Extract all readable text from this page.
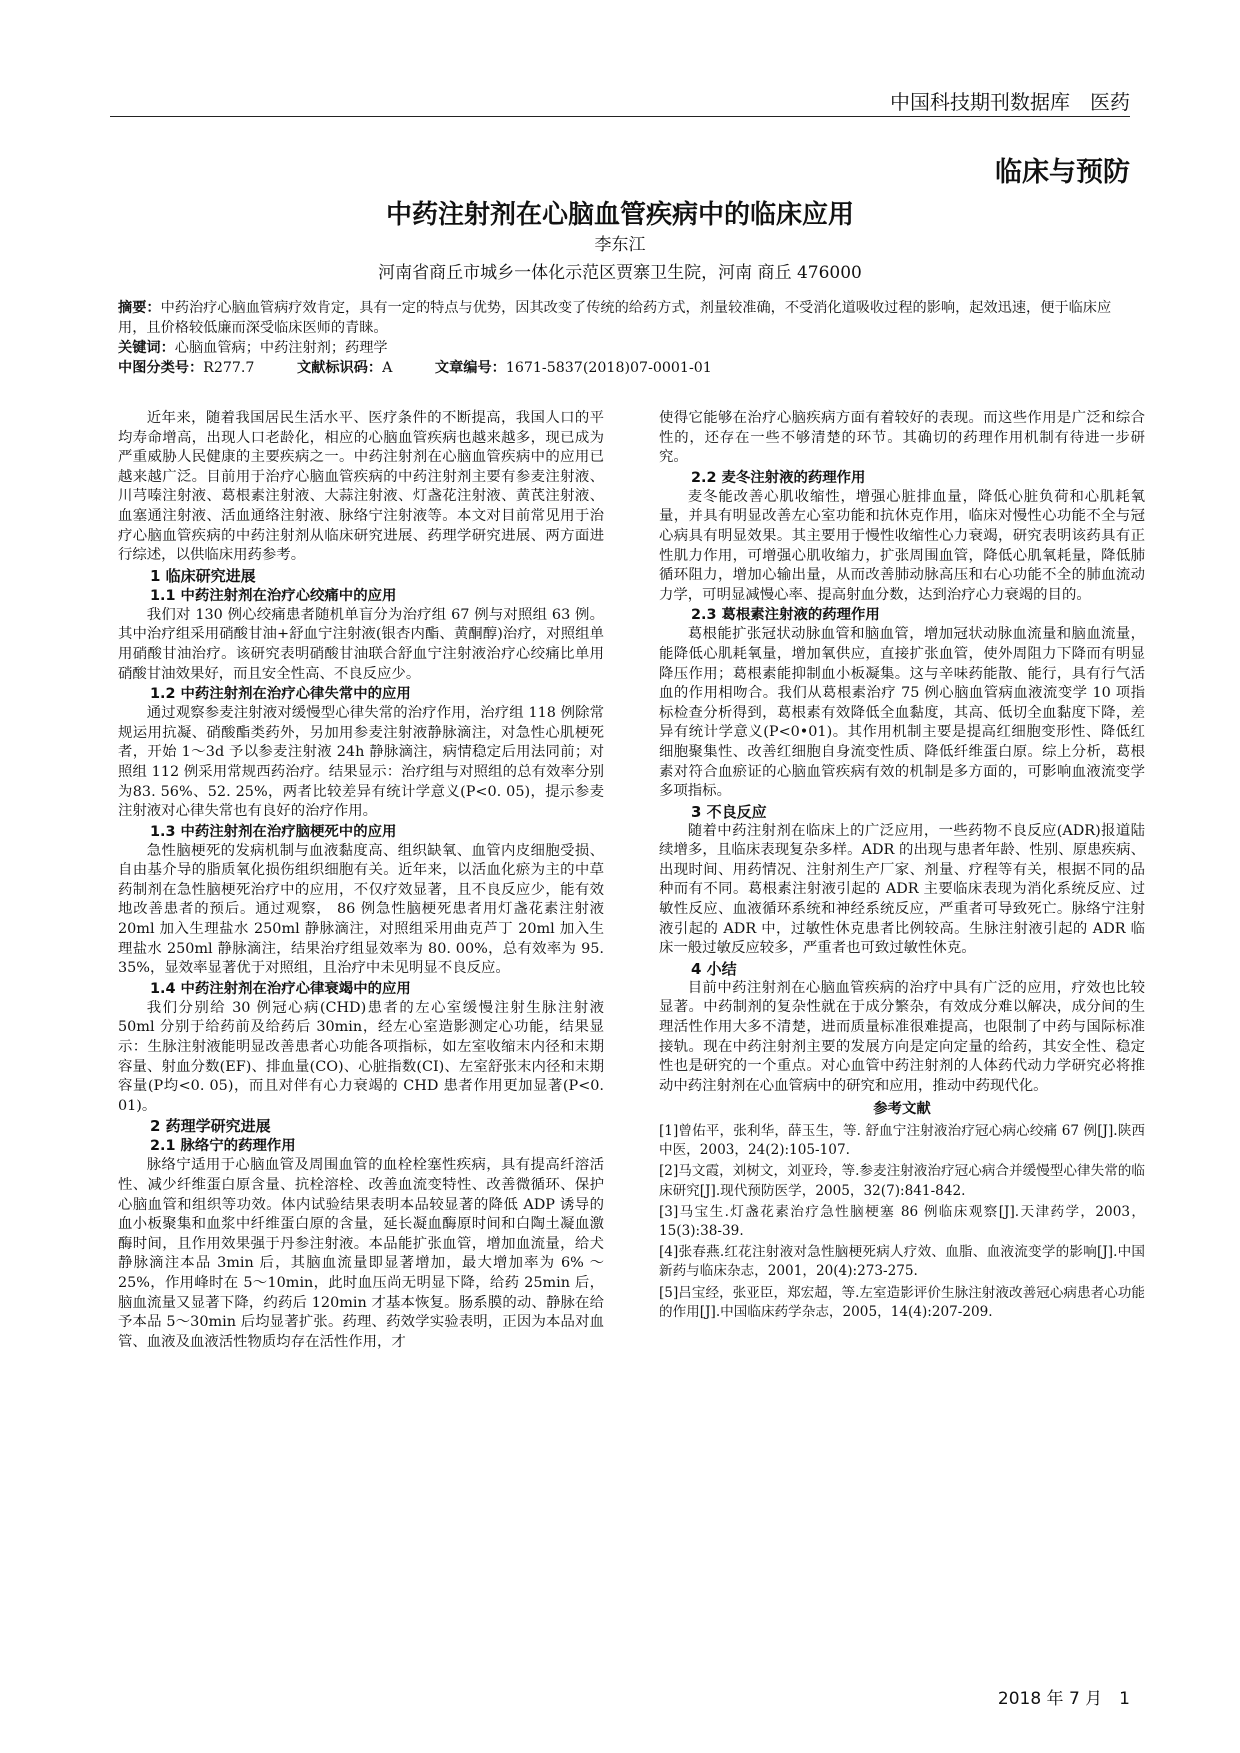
中国科技期刊数据库　医药
临床与预防
中药注射剂在心脑血管疾病中的临床应用
李东江
河南省商丘市城乡一体化示范区贾寨卫生院，河南 商丘 476000
摘要：中药治疗心脑血管病疗效肯定，具有一定的特点与优势，因其改变了传统的给药方式，剂量较准确，不受消化道吸收过程的影响，起效迅速，便于临床应用，且价格较低廉而深受临床医师的青睐。
关键词：心脑血管病；中药注射剂；药理学
中图分类号：R277.7	文献标识码：A	文章编号：1671-5837(2018)07-0001-01

近年来，随着我国居民生活水平、医疗条件的不断提高，我国人口的平均寿命增高，出现人口老龄化，相应的心脑血管疾病也越来越多，现已成为严重威胁人民健康的主要疾病之一。中药注射剂在心脑血管疾病中的应用已越来越广泛。目前用于治疗心脑血管疾病的中药注射剂主要有参麦注射液、川芎嗪注射液、葛根素注射液、大蒜注射液、灯盏花注射液、黄芪注射液、血塞通注射液、活血通络注射液、脉络宁注射液等。本文对目前常见用于治疗心脑血管疾病的中药注射剂从临床研究进展、药理学研究进展、两方面进行综述，以供临床用药参考。

1 临床研究进展
1.1 中药注射剂在治疗心绞痛中的应用

我们对 130 例心绞痛患者随机单盲分为治疗组 67 例与对照组 63 例。其中治疗组采用硝酸甘油+舒血宁注射液(银杏内酯、黄酮醇)治疗，对照组单用硝酸甘油治疗。该研究表明硝酸甘油联合舒血宁注射液治疗心绞痛比单用硝酸甘油效果好，而且安全性高、不良反应少。

1.2 中药注射剂在治疗心律失常中的应用

通过观察参麦注射液对缓慢型心律失常的治疗作用，治疗组 118 例除常规运用抗凝、硝酸酯类药外，另加用参麦注射液静脉滴注，对急性心肌梗死者，开始 1～3d 予以参麦注射液 24h 静脉滴注，病情稳定后用法同前；对照组 112 例采用常规西药治疗。结果显示：治疗组与对照组的总有效率分别为83. 56%、52. 25%，两者比较差异有统计学意义(P<0. 05)，提示参麦注射液对心律失常也有良好的治疗作用。

1.3 中药注射剂在治疗脑梗死中的应用

急性脑梗死的发病机制与血液黏度高、组织缺氧、血管内皮细胞受损、自由基介导的脂质氧化损伤组织细胞有关。近年来，以活血化瘀为主的中草药制剂在急性脑梗死治疗中的应用，不仅疗效显著，且不良反应少，能有效地改善患者的预后。通过观察， 86 例急性脑梗死患者用灯盏花素注射液 20ml 加入生理盐水 250ml 静脉滴注，对照组采用曲克芦丁 20ml 加入生理盐水 250ml 静脉滴注，结果治疗组显效率为 80. 00%，总有效率为 95. 35%，显效率显著优于对照组，且治疗中未见明显不良反应。

1.4 中药注射剂在治疗心律衰竭中的应用

我们分别给 30 例冠心病(CHD)患者的左心室缓慢注射生脉注射液 50ml 分别于给药前及给药后 30min，经左心室造影测定心功能，结果显示：生脉注射液能明显改善患者心功能各项指标，如左室收缩末内径和末期容量、射血分数(EF)、排血量(CO)、心脏指数(CI)、左室舒张末内径和末期容量(P均<0. 05)，而且对伴有心力衰竭的 CHD 患者作用更加显著(P<0. 01)。

2 药理学研究进展
2.1 脉络宁的药理作用

脉络宁适用于心脑血管及周围血管的血栓栓塞性疾病，具有提高纤溶活性、减少纤维蛋白原含量、抗栓溶栓、改善血流变特性、改善微循环、保护心脑血管和组织等功效。体内试验结果表明本品较显著的降低 ADP 诱导的血小板聚集和血浆中纤维蛋白原的含量，延长凝血酶原时间和白陶土凝血激酶时间，且作用效果强于丹参注射液。本品能扩张血管，增加血流量，给犬静脉滴注本品 3min 后，其脑血流量即显著增加，最大增加率为 6% ～25%，作用峰时在 5～10min，此时血压尚无明显下降，给药 25min 后，脑血流量又显著下降，约药后 120min 才基本恢复。肠系膜的动、静脉在给予本品 5～30min 后均显著扩张。药理、药效学实验表明，正因为本品对血管、血液及血液活性物质均存在活性作用，才

使得它能够在治疗心脑疾病方面有着较好的表现。而这些作用是广泛和综合性的，还存在一些不够清楚的环节。其确切的药理作用机制有待进一步研究。

2.2 麦冬注射液的药理作用

麦冬能改善心肌收缩性，增强心脏排血量，降低心脏负荷和心肌耗氧量，并具有明显改善左心室功能和抗休克作用，临床对慢性心功能不全与冠心病具有明显效果。其主要用于慢性收缩性心力衰竭，研究表明该药具有正性肌力作用，可增强心肌收缩力，扩张周围血管，降低心肌氧耗量，降低肺循环阻力，增加心输出量，从而改善肺动脉高压和右心功能不全的肺血流动力学，可明显减慢心率、提高射血分数，达到治疗心力衰竭的目的。

2.3 葛根素注射液的药理作用

葛根能扩张冠状动脉血管和脑血管，增加冠状动脉血流量和脑血流量，能降低心肌耗氧量，增加氧供应，直接扩张血管，使外周阻力下降而有明显降压作用；葛根素能抑制血小板凝集。这与辛味药能散、能行，具有行气活血的作用相吻合。我们从葛根素治疗 75 例心脑血管病血液流变学 10 项指标检查分析得到，葛根素有效降低全血黏度，其高、低切全血黏度下降，差异有统计学意义(P<0•01)。其作用机制主要是提高红细胞变形性、降低红细胞聚集性、改善红细胞自身流变性质、降低纤维蛋白原。综上分析，葛根素对符合血瘀证的心脑血管疾病有效的机制是多方面的，可影响血液流变学多项指标。

3 不良反应

随着中药注射剂在临床上的广泛应用，一些药物不良反应(ADR)报道陆续增多，且临床表现复杂多样。ADR 的出现与患者年龄、性别、原患疾病、出现时间、用药情况、注射剂生产厂家、剂量、疗程等有关，根据不同的品种而有不同。葛根素注射液引起的 ADR 主要临床表现为消化系统反应、过敏性反应、血液循环系统和神经系统反应，严重者可导致死亡。脉络宁注射液引起的 ADR 中，过敏性休克患者比例较高。生脉注射液引起的 ADR 临床一般过敏反应较多，严重者也可致过敏性休克。

4 小结

目前中药注射剂在心脑血管疾病的治疗中具有广泛的应用，疗效也比较显著。中药制剂的复杂性就在于成分繁杂，有效成分难以解决，成分间的生理活性作用大多不清楚，进而质量标准很难提高，也限制了中药与国际标准接轨。现在中药注射剂主要的发展方向是定向定量的给药，其安全性、稳定性也是研究的一个重点。对心血管中药注射剂的人体药代动力学研究必将推动中药注射剂在心血管病中的研究和应用，推动中药现代化。

参考文献
[1]曾佑平，张利华，薛玉生，等. 舒血宁注射液治疗冠心病心绞痛 67 例[J].陕西中医，2003，24(2):105-107.
[2]马文霞，刘树文，刘亚玲，等.参麦注射液治疗冠心病合并缓慢型心律失常的临床研究[J].现代预防医学，2005，32(7):841-842.
[3]马宝生.灯盏花素治疗急性脑梗塞 86 例临床观察[J].天津药学，2003，15(3):38-39.
[4]张春燕.红花注射液对急性脑梗死病人疗效、血脂、血液流变学的影响[J].中国新药与临床杂志，2001，20(4):273-275.
[5]吕宝经，张亚臣，郑宏超，等.左室造影评价生脉注射液改善冠心病患者心功能的作用[J].中国临床药学杂志，2005，14(4):207-209.
2018 年 7 月　1
